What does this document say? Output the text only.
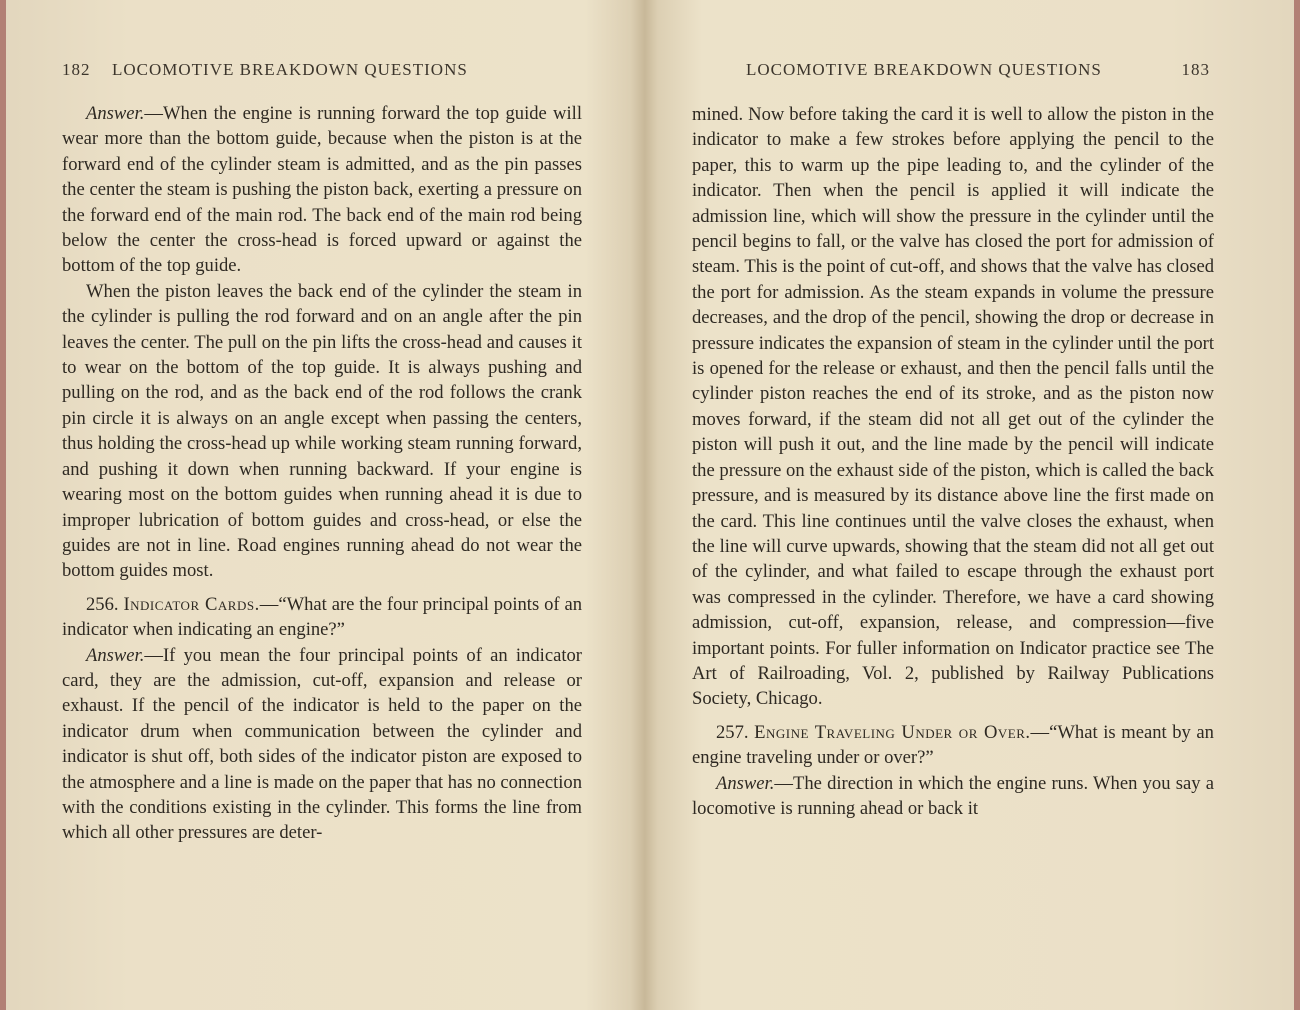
182 LOCOMOTIVE BREAKDOWN QUESTIONS

Answer.—When the engine is running forward the top guide will wear more than the bottom guide, because when the piston is at the forward end of the cylinder steam is admitted, and as the pin passes the center the steam is pushing the piston back, exerting a pressure on the forward end of the main rod. The back end of the main rod being below the center the cross-head is forced upward or against the bottom of the top guide.

When the piston leaves the back end of the cylinder the steam in the cylinder is pulling the rod forward and on an angle after the pin leaves the center. The pull on the pin lifts the cross-head and causes it to wear on the bottom of the top guide. It is always pushing and pulling on the rod, and as the back end of the rod follows the crank pin circle it is always on an angle except when passing the centers, thus holding the cross-head up while working steam running forward, and pushing it down when running backward. If your engine is wearing most on the bottom guides when running ahead it is due to improper lubrication of bottom guides and cross-head, or else the guides are not in line. Road engines running ahead do not wear the bottom guides most.

256. Indicator Cards.—“What are the four principal points of an indicator when indicating an engine?”

Answer.—If you mean the four principal points of an indicator card, they are the admission, cut-off, expansion and release or exhaust. If the pencil of the indicator is held to the paper on the indicator drum when communication between the cylinder and indicator is shut off, both sides of the indicator piston are exposed to the atmosphere and a line is made on the paper that has no connection with the conditions existing in the cylinder. This forms the line from which all other pressures are deter-

LOCOMOTIVE BREAKDOWN QUESTIONS	183

mined. Now before taking the card it is well to allow the piston in the indicator to make a few strokes before applying the pencil to the paper, this to warm up the pipe leading to, and the cylinder of the indicator. Then when the pencil is applied it will indicate the admission line, which will show the pressure in the cylinder until the pencil begins to fall, or the valve has closed the port for admission of steam. This is the point of cut-off, and shows that the valve has closed the port for admission. As the steam expands in volume the pressure decreases, and the drop of the pencil, showing the drop or decrease in pressure indicates the expansion of steam in the cylinder until the port is opened for the release or exhaust, and then the pencil falls until the cylinder piston reaches the end of its stroke, and as the piston now moves forward, if the steam did not all get out of the cylinder the piston will push it out, and the line made by the pencil will indicate the pressure on the exhaust side of the piston, which is called the back pressure, and is measured by its distance above line the first made on the card. This line continues until the valve closes the exhaust, when the line will curve upwards, showing that the steam did not all get out of the cylinder, and what failed to escape through the exhaust port was compressed in the cylinder. Therefore, we have a card showing admission, cut-off, expansion, release, and compression—five important points. For fuller information on Indicator practice see The Art of Railroading, Vol. 2, published by Railway Publications Society, Chicago.

257. Engine Traveling Under or Over.—“What is meant by an engine traveling under or over?”

Answer.—The direction in which the engine runs. When you say a locomotive is running ahead or back it
